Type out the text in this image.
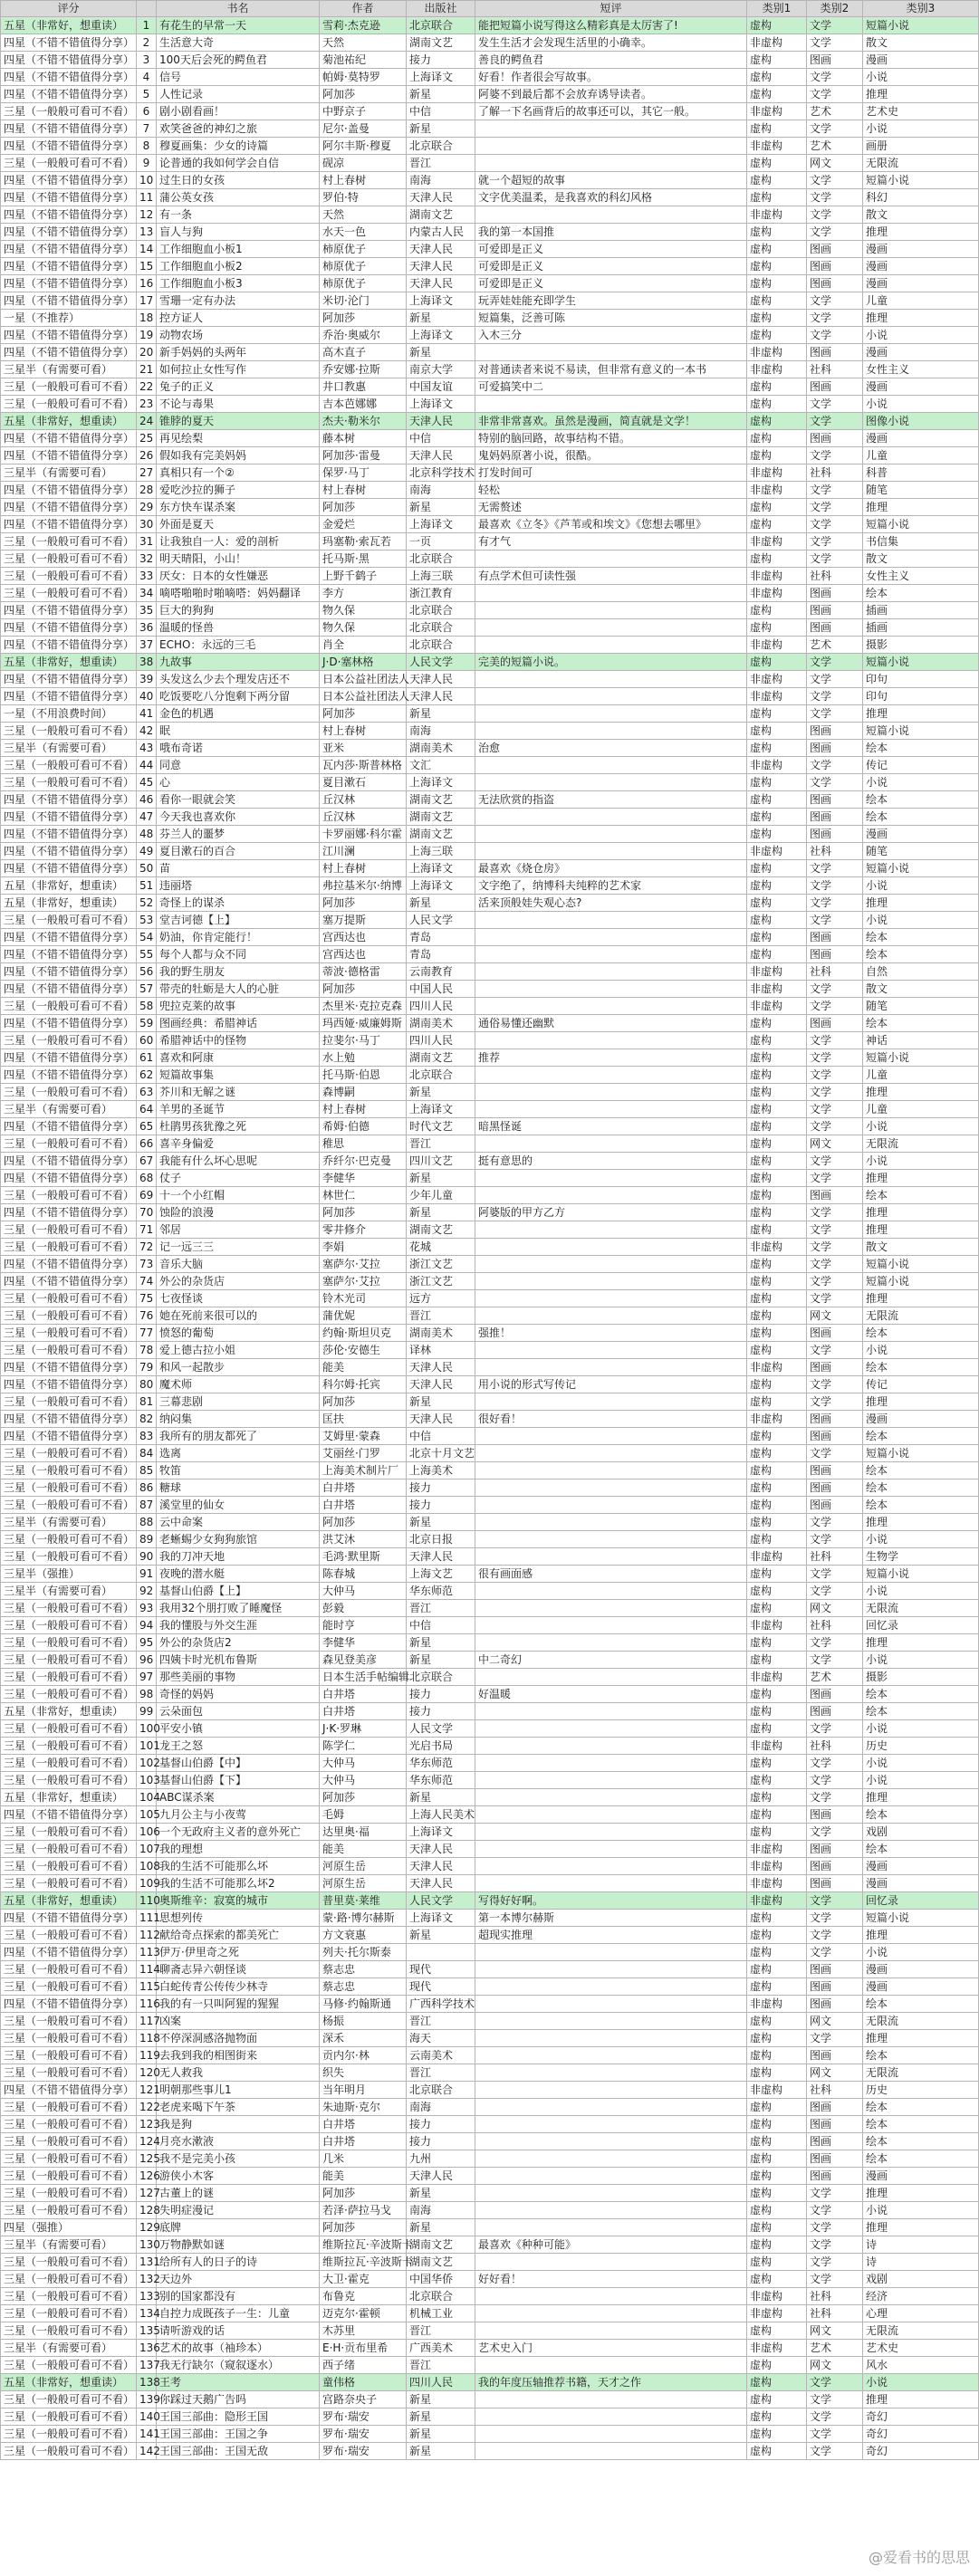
评分		书名	作者	出版社	短评	类别1	类别2	类别3
五星（非常好，想重读）	1	有花生的早常一天	雪莉·杰克逊	北京联合	能把短篇小说写得这么精彩真是太厉害了!	虚构	文学	短篇小说
四星（不错不错值得分享）	2	生活意大奇	天然	湖南文艺	发生生活才会发现生活里的小确幸。	非虚构	文学	散文
四星（不错不错值得分享）	3	100天后会死的鳄鱼君	菊池祐纪	接力	善良的鳄鱼君	虚构	图画	漫画
四星（不错不错值得分享）	4	信号	帕姆·莫特罗	上海译文	好看！作者很会写故事。	虚构	文学	小说
四星（不错不错值得分享）	5	人性记录	阿加莎	新星	阿婆不到最后都不会放弃诱导读者。	虚构	文学	推理
三星（一般般可看可不看）	6	剧小剧看画！	中野京子	中信	了解一下名画背后的故事还可以，其它一般。	非虚构	艺术	艺术史
四星（不错不错值得分享）	7	欢笑爸爸的神幻之旅	尼尔·盖曼	新星		虚构	文学	小说
四星（不错不错值得分享）	8	穆夏画集：少女的诗篇	阿尔丰斯·穆夏	北京联合		非虚构	艺术	画册
三星（一般般可看可不看）	9	论普通的我如何学会自信	砚凉	晋江		虚构	网文	无限流
四星（不错不错值得分享）	10	过生日的女孩	村上春树	南海	就一个超短的故事	虚构	文学	短篇小说
四星（不错不错值得分享）	11	蒲公英女孩	罗伯·特	天津人民	文字优美温柔，是我喜欢的科幻风格	虚构	文学	科幻
四星（不错不错值得分享）	12	有一条	天然	湖南文艺		非虚构	文学	散文
四星（不错不错值得分享）	13	盲人与狗	水天一色	内蒙古人民	我的第一本国推	虚构	文学	推理
四星（不错不错值得分享）	14	工作细胞血小板1	柿原优子	天津人民	可爱即是正义	虚构	图画	漫画
四星（不错不错值得分享）	15	工作细胞血小板2	柿原优子	天津人民	可爱即是正义	虚构	图画	漫画
四星（不错不错值得分享）	16	工作细胞血小板3	柿原优子	天津人民	可爱即是正义	虚构	图画	漫画
四星（不错不错值得分享）	17	雪珊一定有办法	米切·沦门	上海译文	玩弄娃娃能充即学生	虚构	文学	儿童
一星（不推荐）	18	控方证人	阿加莎	新星	短篇集，泛善可陈	虚构	文学	推理
四星（不错不错值得分享）	19	动物农场	乔治·奥威尔	上海译文	入木三分	虚构	文学	小说
四星（不错不错值得分享）	20	新手妈妈的头两年	高木直子	新星		非虚构	图画	漫画
三星半（有需要可看）	21	如何拉止女性写作	乔安娜·拉斯	南京大学	对普通读者来说不易读，但非常有意义的一本书	非虚构	社科	女性主义
三星（一般般可看可不看）	22	兔子的正义	井口教惠	中国友谊	可爱搞笑中二	虚构	图画	漫画
三星（一般般可看可不看）	23	不论与毒果	吉本芭娜娜	上海译文		虚构	文学	小说
五星（非常好，想重读）	24	锥脖的夏天	杰夫·勒米尔	天津人民	非常非常喜欢。虽然是漫画，简直就是文学！	虚构	文学	图像小说
四星（不错不错值得分享）	25	再见绘梨	藤本树	中信	特别的脑回路，故事结构不错。	虚构	图画	漫画
四星（不错不错值得分享）	26	假如我有完美妈妈	阿加莎·雷曼	天津人民	鬼妈妈原著小说，很酷。	虚构	文学	儿童
三星半（有需要可看）	27	真相只有一个②	保罗·马丁	北京科学技术	打发时间可	非虚构	社科	科普
四星（不错不错值得分享）	28	爱吃沙拉的狮子	村上春树	南海	轻松	非虚构	文学	随笔
四星（不错不错值得分享）	29	东方快车谋杀案	阿加莎	新星	无需赘述	虚构	文学	推理
四星（不错不错值得分享）	30	外面是夏天	金爱烂	上海译文	最喜欢《立冬》《芦苇或和埃文》《您想去哪里》	虚构	文学	短篇小说
三星（一般般可看可不看）	31	让我独自一人：爱的剖析	玛塞勒·索瓦若	一页	有才气	非虚构	文学	书信集
三星（一般般可看可不看）	32	明天晴阳，小山！	托马斯·黑	北京联合		虚构	文学	散文
三星（一般般可看可不看）	33	厌女：日本的女性嫌恶	上野千鹤子	上海三联	有点学术但可读性强	非虚构	社科	女性主义
三星（一般般可看可不看）	34	嘀嗒啪啪时啪嘀嗒：妈妈翻译	李方	浙江教育		非虚构	图画	绘本
四星（不错不错值得分享）	35	巨大的狗狗	物久保	北京联合		虚构	图画	插画
四星（不错不错值得分享）	36	温暖的怪兽	物久保	北京联合		虚构	图画	插画
四星（不错不错值得分享）	37	ECHO：永远的三毛	肖全	北京联合		非虚构	艺术	摄影
五星（非常好，想重读）	38	九故事	J·D·塞林格	人民文学	完美的短篇小说。	虚构	文学	短篇小说
四星（不错不错值得分享）	39	头发这么少去个理发店还不	日本公益社团法人	天津人民		非虚构	文学	印句
四星（不错不错值得分享）	40	吃饭要吃八分饱剩下两分留	日本公益社团法人	天津人民		非虚构	文学	印句
一星（不用浪费时间）	41	金色的机遇	阿加莎	新星		虚构	文学	推理
三星（一般般可看可不看）	42	眠	村上春树	南海		虚构	图画	短篇小说
三星半（有需要可看）	43	哦布奇诺	亚米	湖南美术	治愈	虚构	图画	绘本
三星（一般般可看可不看）	44	同意	瓦内莎·斯普林格	文汇		非虚构	文学	传记
三星（一般般可看可不看）	45	心	夏目漱石	上海译文		虚构	文学	小说
四星（不错不错值得分享）	46	看你一眼就会笑	丘汉林	湖南文艺	无法欣赏的指盗	虚构	图画	绘本
四星（不错不错值得分享）	47	今天我也喜欢你	丘汉林	湖南文艺		虚构	图画	绘本
四星（不错不错值得分享）	48	芬兰人的噩梦	卡罗丽娜·科尔霍	湖南文艺		虚构	图画	漫画
四星（不错不错值得分享）	49	夏目漱石的百合	江川澜	上海三联		非虚构	社科	随笔
四星（不错不错值得分享）	50	苗	村上春树	上海译文	最喜欢《烧仓房》	虚构	文学	短篇小说
五星（非常好，想重读）	51	违丽塔	弗拉基米尔·纳博	上海译文	文字绝了，纳博科夫纯粹的艺术家	虚构	文学	小说
五星（非常好，想重读）	52	奇怪上的谋杀	阿加莎	新星	活来顶般娃失观心态?	虚构	文学	推理
三星（一般般可看可不看）	53	堂吉诃德【上】	塞万提斯	人民文学		虚构	文学	小说
四星（不错不错值得分享）	54	奶油，你肯定能行！	宫西达也	青岛		虚构	图画	绘本
四星（不错不错值得分享）	55	每个人都与众不同	宫西达也	青岛		虚构	图画	绘本
四星（不错不错值得分享）	56	我的野生朋友	蒂波·德格雷	云南教育		非虚构	社科	自然
四星（不错不错值得分享）	57	带壳的牡蛎是大人的心脏	阿加莎	中国人民		非虚构	文学	散文
三星（一般般可看可不看）	58	兜拉克莱的故事	杰里米·克拉克森	四川人民		非虚构	文学	随笔
四星（不错不错值得分享）	59	图画经典：希腊神话	玛西娅·威廉姆斯	湖南美术	通俗易懂还幽默	虚构	图画	绘本
三星（一般般可看可不看）	60	希腊神话中的怪物	拉斐尔·马丁	四川人民		虚构	文学	神话
四星（不错不错值得分享）	61	喜欢和阿康	水上勉	湖南文艺	推荐	虚构	文学	短篇小说
四星（不错不错值得分享）	62	短篇故事集	托马斯·伯恩	北京联合		虚构	文学	儿童
三星（一般般可看可不看）	63	芥川和无解之谜	森博嗣	新星		虚构	文学	推理
三星半（有需要可看）	64	羊男的圣诞节	村上春树	上海译文		虚构	文学	儿童
四星（不错不错值得分享）	65	杜鹃男孩犹豫之死	希姆·伯德	时代文艺	暗黑怪诞	虚构	文学	小说
三星（一般般可看可不看）	66	喜辛身偏爱	稚思	晋江		虚构	网文	无限流
四星（不错不错值得分享）	67	我能有什么坏心思呢	乔纤尔·巴克曼	四川文艺	挺有意思的	虚构	文学	小说
四星（不错不错值得分享）	68	仗子	李健华	新星		虚构	文学	推理
三星（一般般可看可不看）	69	十一个小红帽	林世仁	少年儿童		虚构	图画	绘本
四星（不错不错值得分享）	70	蚀险的浪漫	阿加莎	新星	阿婆版的甲方乙方	虚构	文学	推理
三星（一般般可看可不看）	71	邻居	零井修介	湖南文艺		虚构	文学	推理
三星（一般般可看可不看）	72	记一远三三	李娟	花城		非虚构	文学	散文
四星（不错不错值得分享）	73	音乐大脑	塞萨尔·艾拉	浙江文艺		虚构	文学	短篇小说
四星（不错不错值得分享）	74	外公的杂货店	塞萨尔·艾拉	浙江文艺		虚构	文学	短篇小说
三星（一般般可看可不看）	75	七夜怪谈	铃木光司	远方		虚构	文学	推理
三星（一般般可看可不看）	76	她在死前来很可以的	蒲优妮	晋江		虚构	网文	无限流
三星（一般般可看可不看）	77	愤怒的葡萄	约翰·斯坦贝克	湖南美术	强推！	虚构	图画	绘本
三星（一般般可看可不看）	78	爱上德古拉小姐	莎伦·安德生	译林		虚构	文学	小说
四星（不错不错值得分享）	79	和风一起散步	能美	天津人民		非虚构	图画	绘本
四星（不错不错值得分享）	80	魔术师	科尔姆·托宾	天津人民	用小说的形式写传记	虚构	文学	传记
三星（一般般可看可不看）	81	三幕悲剧	阿加莎	新星		虚构	文学	推理
四星（不错不错值得分享）	82	纳闷集	匡扶	天津人民	很好看！	非虚构	图画	漫画
四星（不错不错值得分享）	83	我所有的朋友都死了	艾姆里·蒙森	中信		虚构	图画	绘本
三星（一般般可看可不看）	84	选离	艾丽丝·门罗	北京十月文艺		虚构	文学	短篇小说
三星（一般般可看可不看）	85	牧笛	上海美术制片厂	上海美术		虚构	图画	绘本
三星（一般般可看可不看）	86	糖球	白井塔	接力		虚构	图画	绘本
三星（一般般可看可不看）	87	溪堂里的仙女	白井塔	接力		虚构	图画	绘本
三星半（有需要可看）	88	云中命案	阿加莎	新星		虚构	文学	推理
三星（一般般可看可不看）	89	老蜥蜴少女狗狗旅馆	洪艾沐	北京日报		虚构	文学	小说
三星（一般般可看可不看）	90	我的刀冲天地	毛鸿·默里斯	天津人民		非虚构	社科	生物学
三星半（强推）	91	夜晚的潜水艇	陈春城	上海文艺	很有画面感	虚构	文学	短篇小说
三星半（有需要可看）	92	基督山伯爵【上】	大仲马	华东师范		虚构	文学	小说
三星（一般般可看可不看）	93	我用32个朋打败了睡魔怪	彭毅	晋江		虚构	网文	无限流
三星（一般般可看可不看）	94	我的懂股与外交生涯	能时亨	中信		非虚构	社科	回忆录
三星（一般般可看可不看）	95	外公的杂货店2	李健华	新星		虚构	文学	推理
三星（一般般可看可不看）	96	四姨卡时光机布鲁斯	森见登美彦	新星	中二奇幻	虚构	文学	小说
三星（一般般可看可不看）	97	那些美丽的事物	日本生活手帖编辑	北京联合		非虚构	艺术	摄影
三星（一般般可看可不看）	98	奇怪的妈妈	白井塔	接力	好温暖	虚构	图画	绘本
五星（非常好，想重读）	99	云朵面包	白井塔	接力		虚构	图画	绘本
三星（一般般可看可不看）	100	平安小镇	J·K·罗琳	人民文学		虚构	文学	小说
三星（一般般可看可不看）	101	龙王之怒	陈学仁	光启书局		非虚构	社科	历史
三星（一般般可看可不看）	102	基督山伯爵【中】	大仲马	华东师范		虚构	文学	小说
三星（一般般可看可不看）	103	基督山伯爵【下】	大仲马	华东师范		虚构	文学	小说
五星（非常好，想重读）	104	ABC谋杀案	阿加莎	新星		虚构	文学	推理
四星（不错不错值得分享）	105	九月公主与小夜莺	毛姆	上海人民美术		虚构	图画	绘本
三星（一般般可看可不看）	106	一个无政府主义者的意外死亡	达里奥·福	上海译文		虚构	文学	戏剧
三星（一般般可看可不看）	107	我的理想	能美	天津人民		非虚构	图画	绘本
三星（一般般可看可不看）	108	我的生活不可能那么坏	河原生岳	天津人民		非虚构	图画	漫画
三星（一般般可看可不看）	109	我的生活不可能那么坏2	河原生岳	天津人民		非虚构	图画	漫画
五星（非常好，想重读）	110	奥斯维辛：寂寞的城市	普里莫·莱维	人民文学	写得好好啊。	非虚构	文学	回忆录
四星（不错不错值得分享）	111	思想列传	蒙·路·博尔赫斯	上海译文	第一本博尔赫斯	虚构	文学	短篇小说
三星（一般般可看可不看）	112	献给奇点探索的都美死亡	方文衰惠	新星	超现实推理	虚构	文学	推理
四星（不错不错值得分享）	113	伊万·伊里奇之死	列夫·托尔斯泰			虚构	文学	小说
三星（一般般可看可不看）	114	聊斋志异六朝怪谈	蔡志忠	现代		虚构	图画	漫画
三星（一般般可看可不看）	115	白蛇传青公传传少林寺	蔡志忠	现代		虚构	图画	漫画
四星（不错不错值得分享）	116	我的有一只叫阿猩的猩猩	马修·约翰斯通	广西科学技术		非虚构	图画	绘本
三星（一般般可看可不看）	117	凶案	杨振	晋江		虚构	网文	无限流
三星（一般般可看可不看）	118	不停深洞感洛抛物面	深禾	海天		虚构	文学	推理
三星（一般般可看可不看）	119	去我到我的相图街来	贡内尔·林	云南美术		虚构	图画	绘本
三星（一般般可看可不看）	120	无人救我	织失	晋江		虚构	网文	无限流
四星（不错不错值得分享）	121	明朝那些事儿1	当年明月	北京联合		非虚构	社科	历史
三星（一般般可看可不看）	122	老虎来喝下午茶	朱迪斯·克尔	南海		虚构	图画	绘本
三星（一般般可看可不看）	123	我是狗	白井塔	接力		虚构	图画	绘本
三星（一般般可看可不看）	124	月亮水漱液	白井塔	接力		虚构	图画	绘本
三星（一般般可看可不看）	125	我不是完美小孩	几米	九州		虚构	图画	绘本
三星（一般般可看可不看）	126	游侠小木客	能美	天津人民		虚构	图画	漫画
三星（一般般可看可不看）	127	古董上的谜	阿加莎	新星		虚构	文学	推理
三星（一般般可看可不看）	128	失明症漫记	若泽·萨拉马戈	南海		虚构	文学	小说
四星（强推）	129	底牌	阿加莎	新星		虚构	文学	推理
三星半（有需要可看）	130	万物静默如谜	维斯拉瓦·辛波斯卡	湖南文艺	最喜欢《种种可能》	虚构	文学	诗
三星（一般般可看可不看）	131	给所有人的日子的诗	维斯拉瓦·辛波斯卡	湖南文艺		虚构	文学	诗
三星（一般般可看可不看）	132	天边外	大卫·霍克	中国华侨	好好看！	虚构	文学	戏剧
三星（一般般可看可不看）	133	别的国家都没有	布鲁克	北京联合		非虚构	社科	经济
三星（一般般可看可不看）	134	自控力成既孩子一生：儿童	迈克尔·霍顿	机械工业		非虚构	社科	心理
三星（一般般可看可不看）	135	请听游戏的话	木苏里	晋江		虚构	网文	无限流
三星半（有需要可看）	136	艺术的故事（袖珍本）	E·H·贡布里希	广西美术	艺术史入门	非虚构	艺术	艺术史
三星（一般般可看可不看）	137	我无行缺尔（窥叙逐水）	西子绪	晋江		虚构	网文	风水
五星（非常好，想重读）	138	王考	童伟格	四川人民	我的年度压轴推荐书籍，天才之作	虚构	文学	小说
三星（一般般可看可不看）	139	你踩过天鹅广告吗	宫路奈央子	新星		虚构	文学	推理
三星（一般般可看可不看）	140	王国三部曲：隐形王国	罗布·瑞安	新星		虚构	文学	奇幻
三星（一般般可看可不看）	141	王国三部曲：王国之争	罗布·瑞安	新星		虚构	文学	奇幻
三星（一般般可看可不看）	142	王国三部曲：王国无敌	罗布·瑞安	新星		虚构	文学	奇幻
@爱看书的思思
